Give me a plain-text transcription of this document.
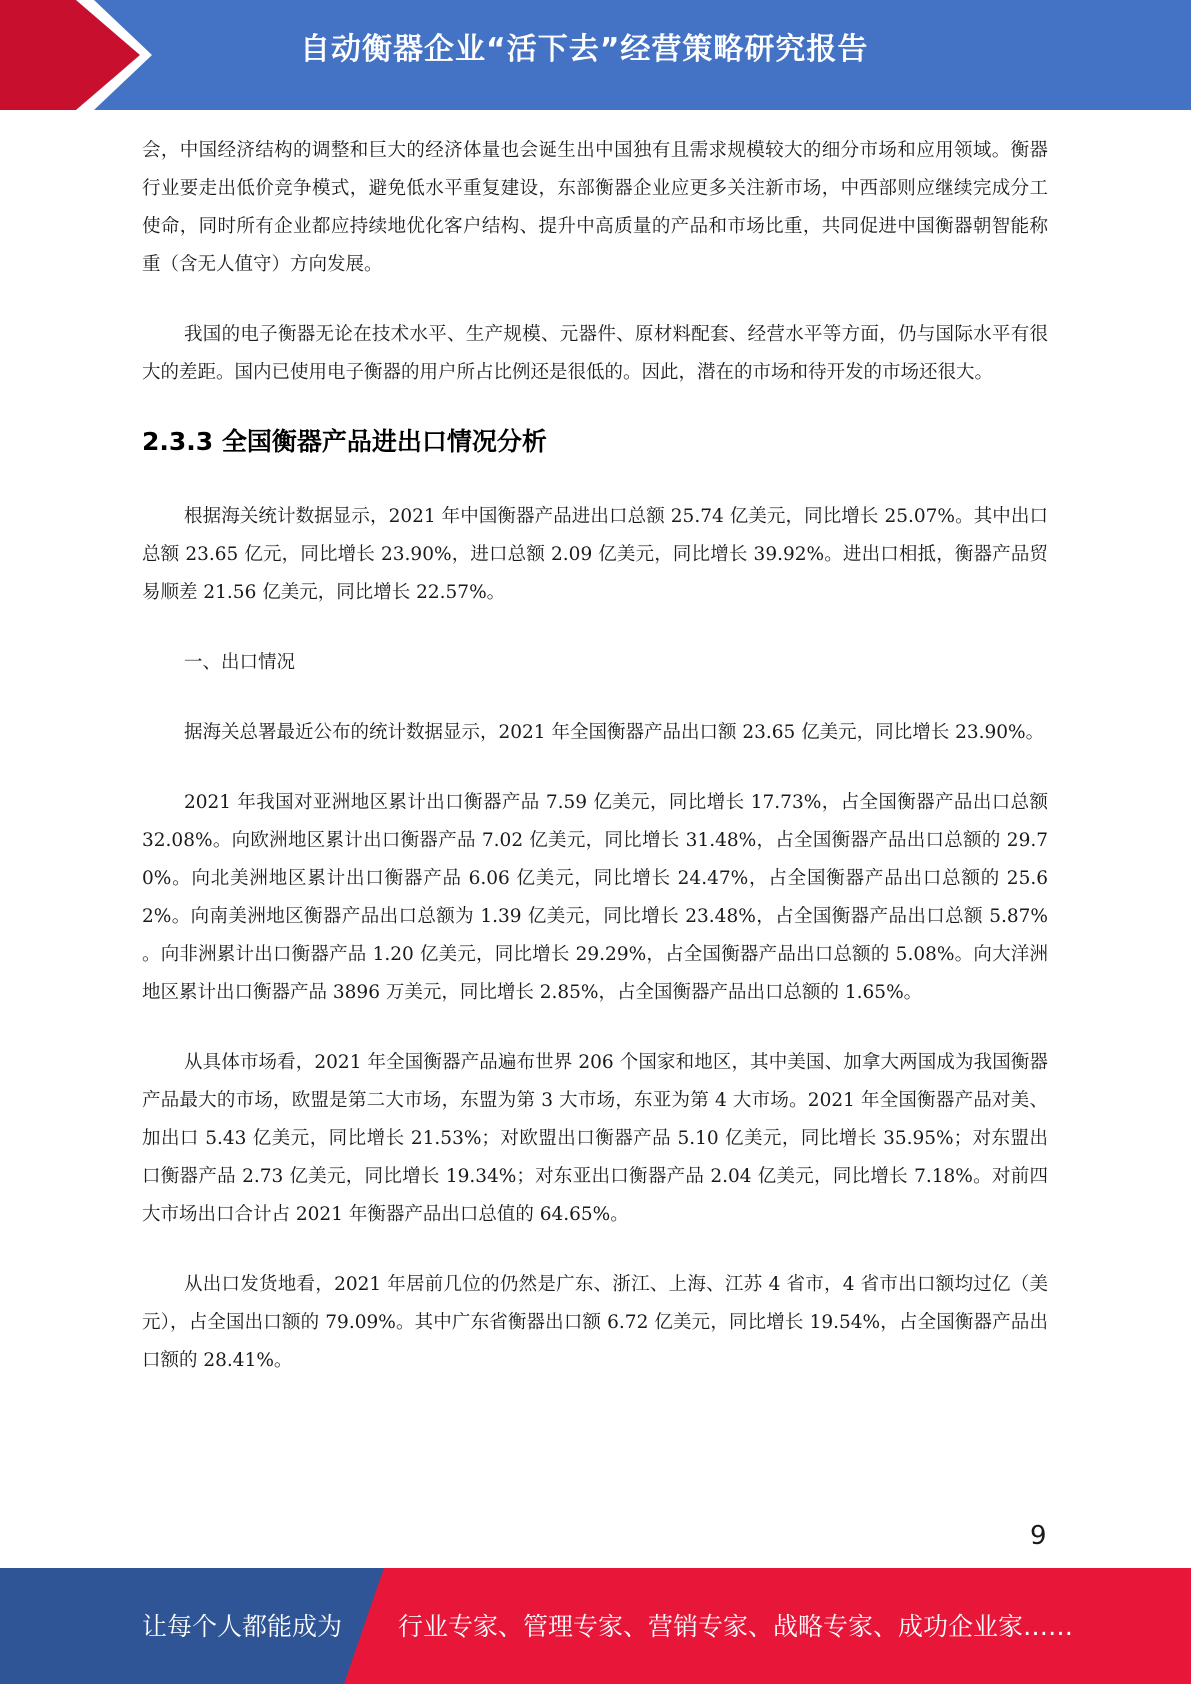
自动衡器企业“活下去”经营策略研究报告

会，中国经济结构的调整和巨大的经济体量也会诞生出中国独有且需求规模较大的细分市场和应用领域。衡器行业要走出低价竞争模式，避免低水平重复建设，东部衡器企业应更多关注新市场，中西部则应继续完成分工使命，同时所有企业都应持续地优化客户结构、提升中高质量的产品和市场比重，共同促进中国衡器朝智能称重（含无人值守）方向发展。

我国的电子衡器无论在技术水平、生产规模、元器件、原材料配套、经营水平等方面，仍与国际水平有很大的差距。国内已使用电子衡器的用户所占比例还是很低的。因此，潜在的市场和待开发的市场还很大。

2.3.3 全国衡器产品进出口情况分析

根据海关统计数据显示，2021 年中国衡器产品进出口总额 25.74 亿美元，同比增长 25.07%。其中出口总额 23.65 亿元，同比增长 23.90%，进口总额 2.09 亿美元，同比增长 39.92%。进出口相抵，衡器产品贸易顺差 21.56 亿美元，同比增长 22.57%。

一、出口情况

据海关总署最近公布的统计数据显示，2021 年全国衡器产品出口额 23.65 亿美元，同比增长 23.90%。

2021 年我国对亚洲地区累计出口衡器产品 7.59 亿美元，同比增长 17.73%，占全国衡器产品出口总额 32.08%。向欧洲地区累计出口衡器产品 7.02 亿美元，同比增长 31.48%，占全国衡器产品出口总额的 29.70%。向北美洲地区累计出口衡器产品 6.06 亿美元，同比增长 24.47%，占全国衡器产品出口总额的 25.62%。向南美洲地区衡器产品出口总额为 1.39 亿美元，同比增长 23.48%，占全国衡器产品出口总额 5.87% 。向非洲累计出口衡器产品 1.20 亿美元，同比增长 29.29%，占全国衡器产品出口总额的 5.08%。向大洋洲地区累计出口衡器产品 3896 万美元，同比增长 2.85%，占全国衡器产品出口总额的 1.65%。

从具体市场看，2021 年全国衡器产品遍布世界 206 个国家和地区，其中美国、加拿大两国成为我国衡器产品最大的市场，欧盟是第二大市场，东盟为第 3 大市场，东亚为第 4 大市场。2021 年全国衡器产品对美、加出口 5.43 亿美元，同比增长 21.53%；对欧盟出口衡器产品 5.10 亿美元，同比增长 35.95%；对东盟出口衡器产品 2.73 亿美元，同比增长 19.34%；对东亚出口衡器产品 2.04 亿美元，同比增长 7.18%。对前四大市场出口合计占 2021 年衡器产品出口总值的 64.65%。

从出口发货地看，2021 年居前几位的仍然是广东、浙江、上海、江苏 4 省市，4 省市出口额均过亿（美元），占全国出口额的 79.09%。其中广东省衡器出口额 6.72 亿美元，同比增长 19.54%，占全国衡器产品出口额的 28.41%。

9
让每个人都能成为 行业专家、管理专家、营销专家、战略专家、成功企业家……
